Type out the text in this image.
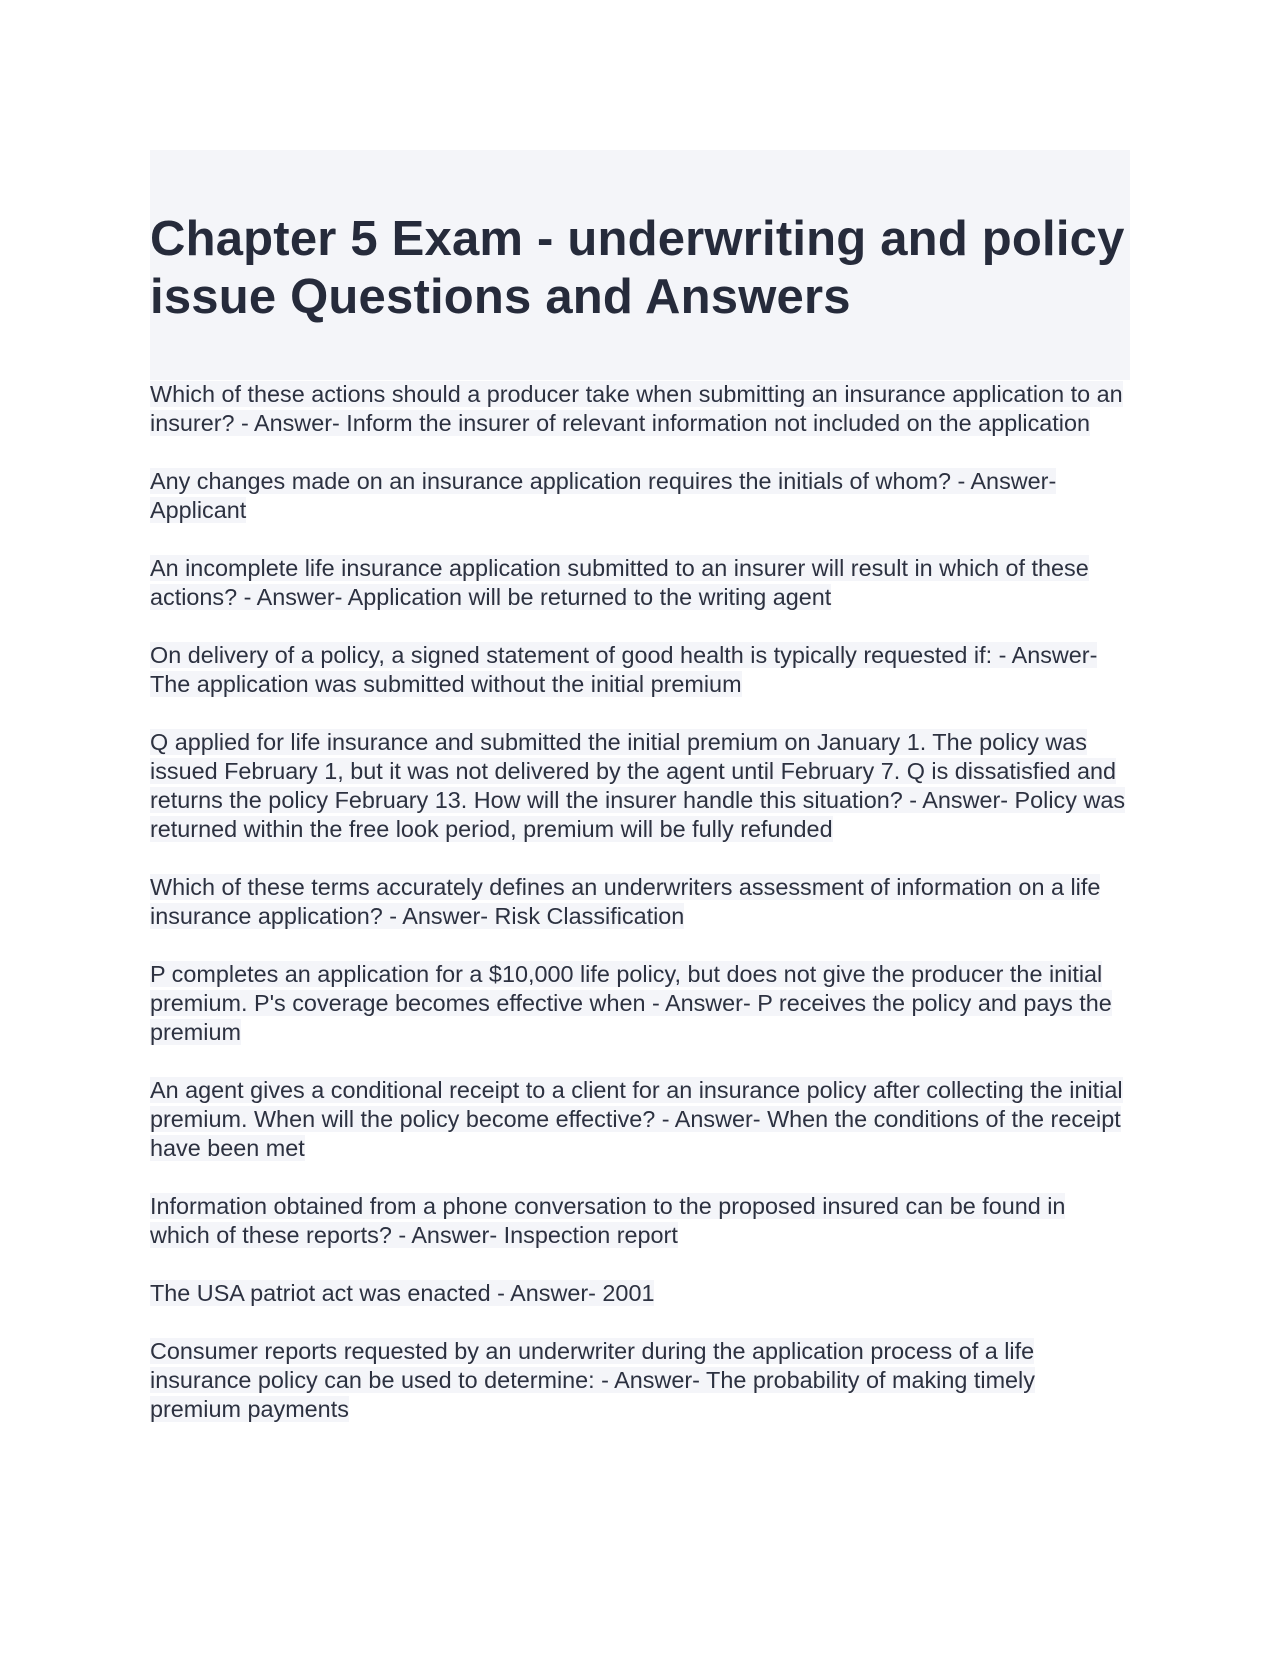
Chapter 5 Exam - underwriting and policy issue Questions and Answers
Which of these actions should a producer take when submitting an insurance application to an insurer? - Answer- Inform the insurer of relevant information not included on the application
Any changes made on an insurance application requires the initials of whom? - Answer- Applicant
An incomplete life insurance application submitted to an insurer will result in which of these actions? - Answer- Application will be returned to the writing agent
On delivery of a policy, a signed statement of good health is typically requested if: - Answer- The application was submitted without the initial premium
Q applied for life insurance and submitted the initial premium on January 1. The policy was issued February 1, but it was not delivered by the agent until February 7. Q is dissatisfied and returns the policy February 13. How will the insurer handle this situation? - Answer- Policy was returned within the free look period, premium will be fully refunded
Which of these terms accurately defines an underwriters assessment of information on a life insurance application? - Answer- Risk Classification
P completes an application for a $10,000 life policy, but does not give the producer the initial premium. P's coverage becomes effective when - Answer- P receives the policy and pays the premium
An agent gives a conditional receipt to a client for an insurance policy after collecting the initial premium. When will the policy become effective? - Answer- When the conditions of the receipt have been met
Information obtained from a phone conversation to the proposed insured can be found in which of these reports? - Answer- Inspection report
The USA patriot act was enacted - Answer- 2001
Consumer reports requested by an underwriter during the application process of a life insurance policy can be used to determine: - Answer- The probability of making timely premium payments
